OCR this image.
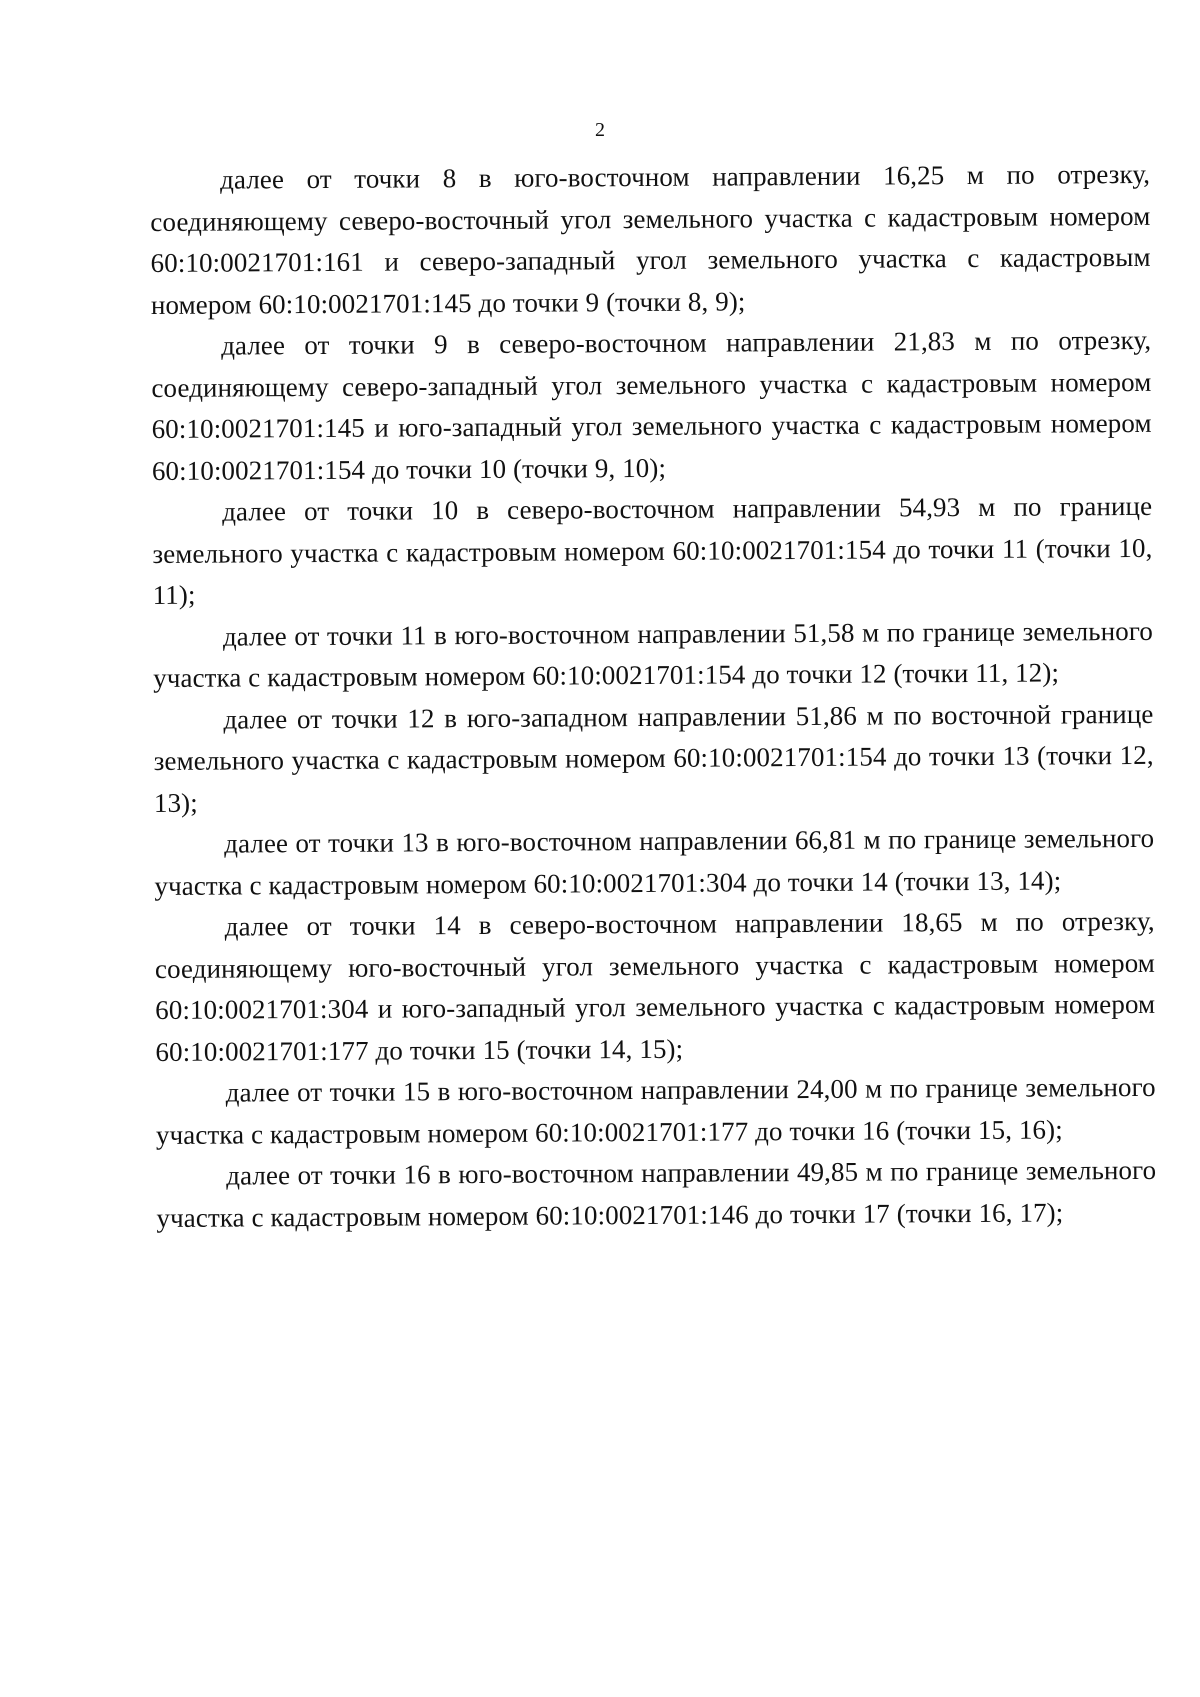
2

далее от точки 8 в юго-восточном направлении 16,25 м по отрезку, соединяющему северо-восточный угол земельного участка с кадастровым номером 60:10:0021701:161 и северо-западный угол земельного участка с кадастровым номером 60:10:0021701:145 до точки 9 (точки 8, 9);

далее от точки 9 в северо-восточном направлении 21,83 м по отрезку, соединяющему северо-западный угол земельного участка с кадастровым номером 60:10:0021701:145 и юго-западный угол земельного участка с кадастровым номером 60:10:0021701:154 до точки 10 (точки 9, 10);

далее от точки 10 в северо-восточном направлении 54,93 м по границе земельного участка с кадастровым номером 60:10:0021701:154 до точки 11 (точки 10, 11);

далее от точки 11 в юго-восточном направлении 51,58 м по границе земельного участка с кадастровым номером 60:10:0021701:154 до точки 12 (точки 11, 12);

далее от точки 12 в юго-западном направлении 51,86 м по восточной границе земельного участка с кадастровым номером 60:10:0021701:154 до точки 13 (точки 12, 13);

далее от точки 13 в юго-восточном направлении 66,81 м по границе земельного участка с кадастровым номером 60:10:0021701:304 до точки 14 (точки 13, 14);

далее от точки 14 в северо-восточном направлении 18,65 м по отрезку, соединяющему юго-восточный угол земельного участка с кадастровым номером 60:10:0021701:304 и юго-западный угол земельного участка с кадастровым номером 60:10:0021701:177 до точки 15 (точки 14, 15);

далее от точки 15 в юго-восточном направлении 24,00 м по границе земельного участка с кадастровым номером 60:10:0021701:177 до точки 16 (точки 15, 16);

далее от точки 16 в юго-восточном направлении 49,85 м по границе земельного участка с кадастровым номером 60:10:0021701:146 до точки 17 (точки 16, 17);
